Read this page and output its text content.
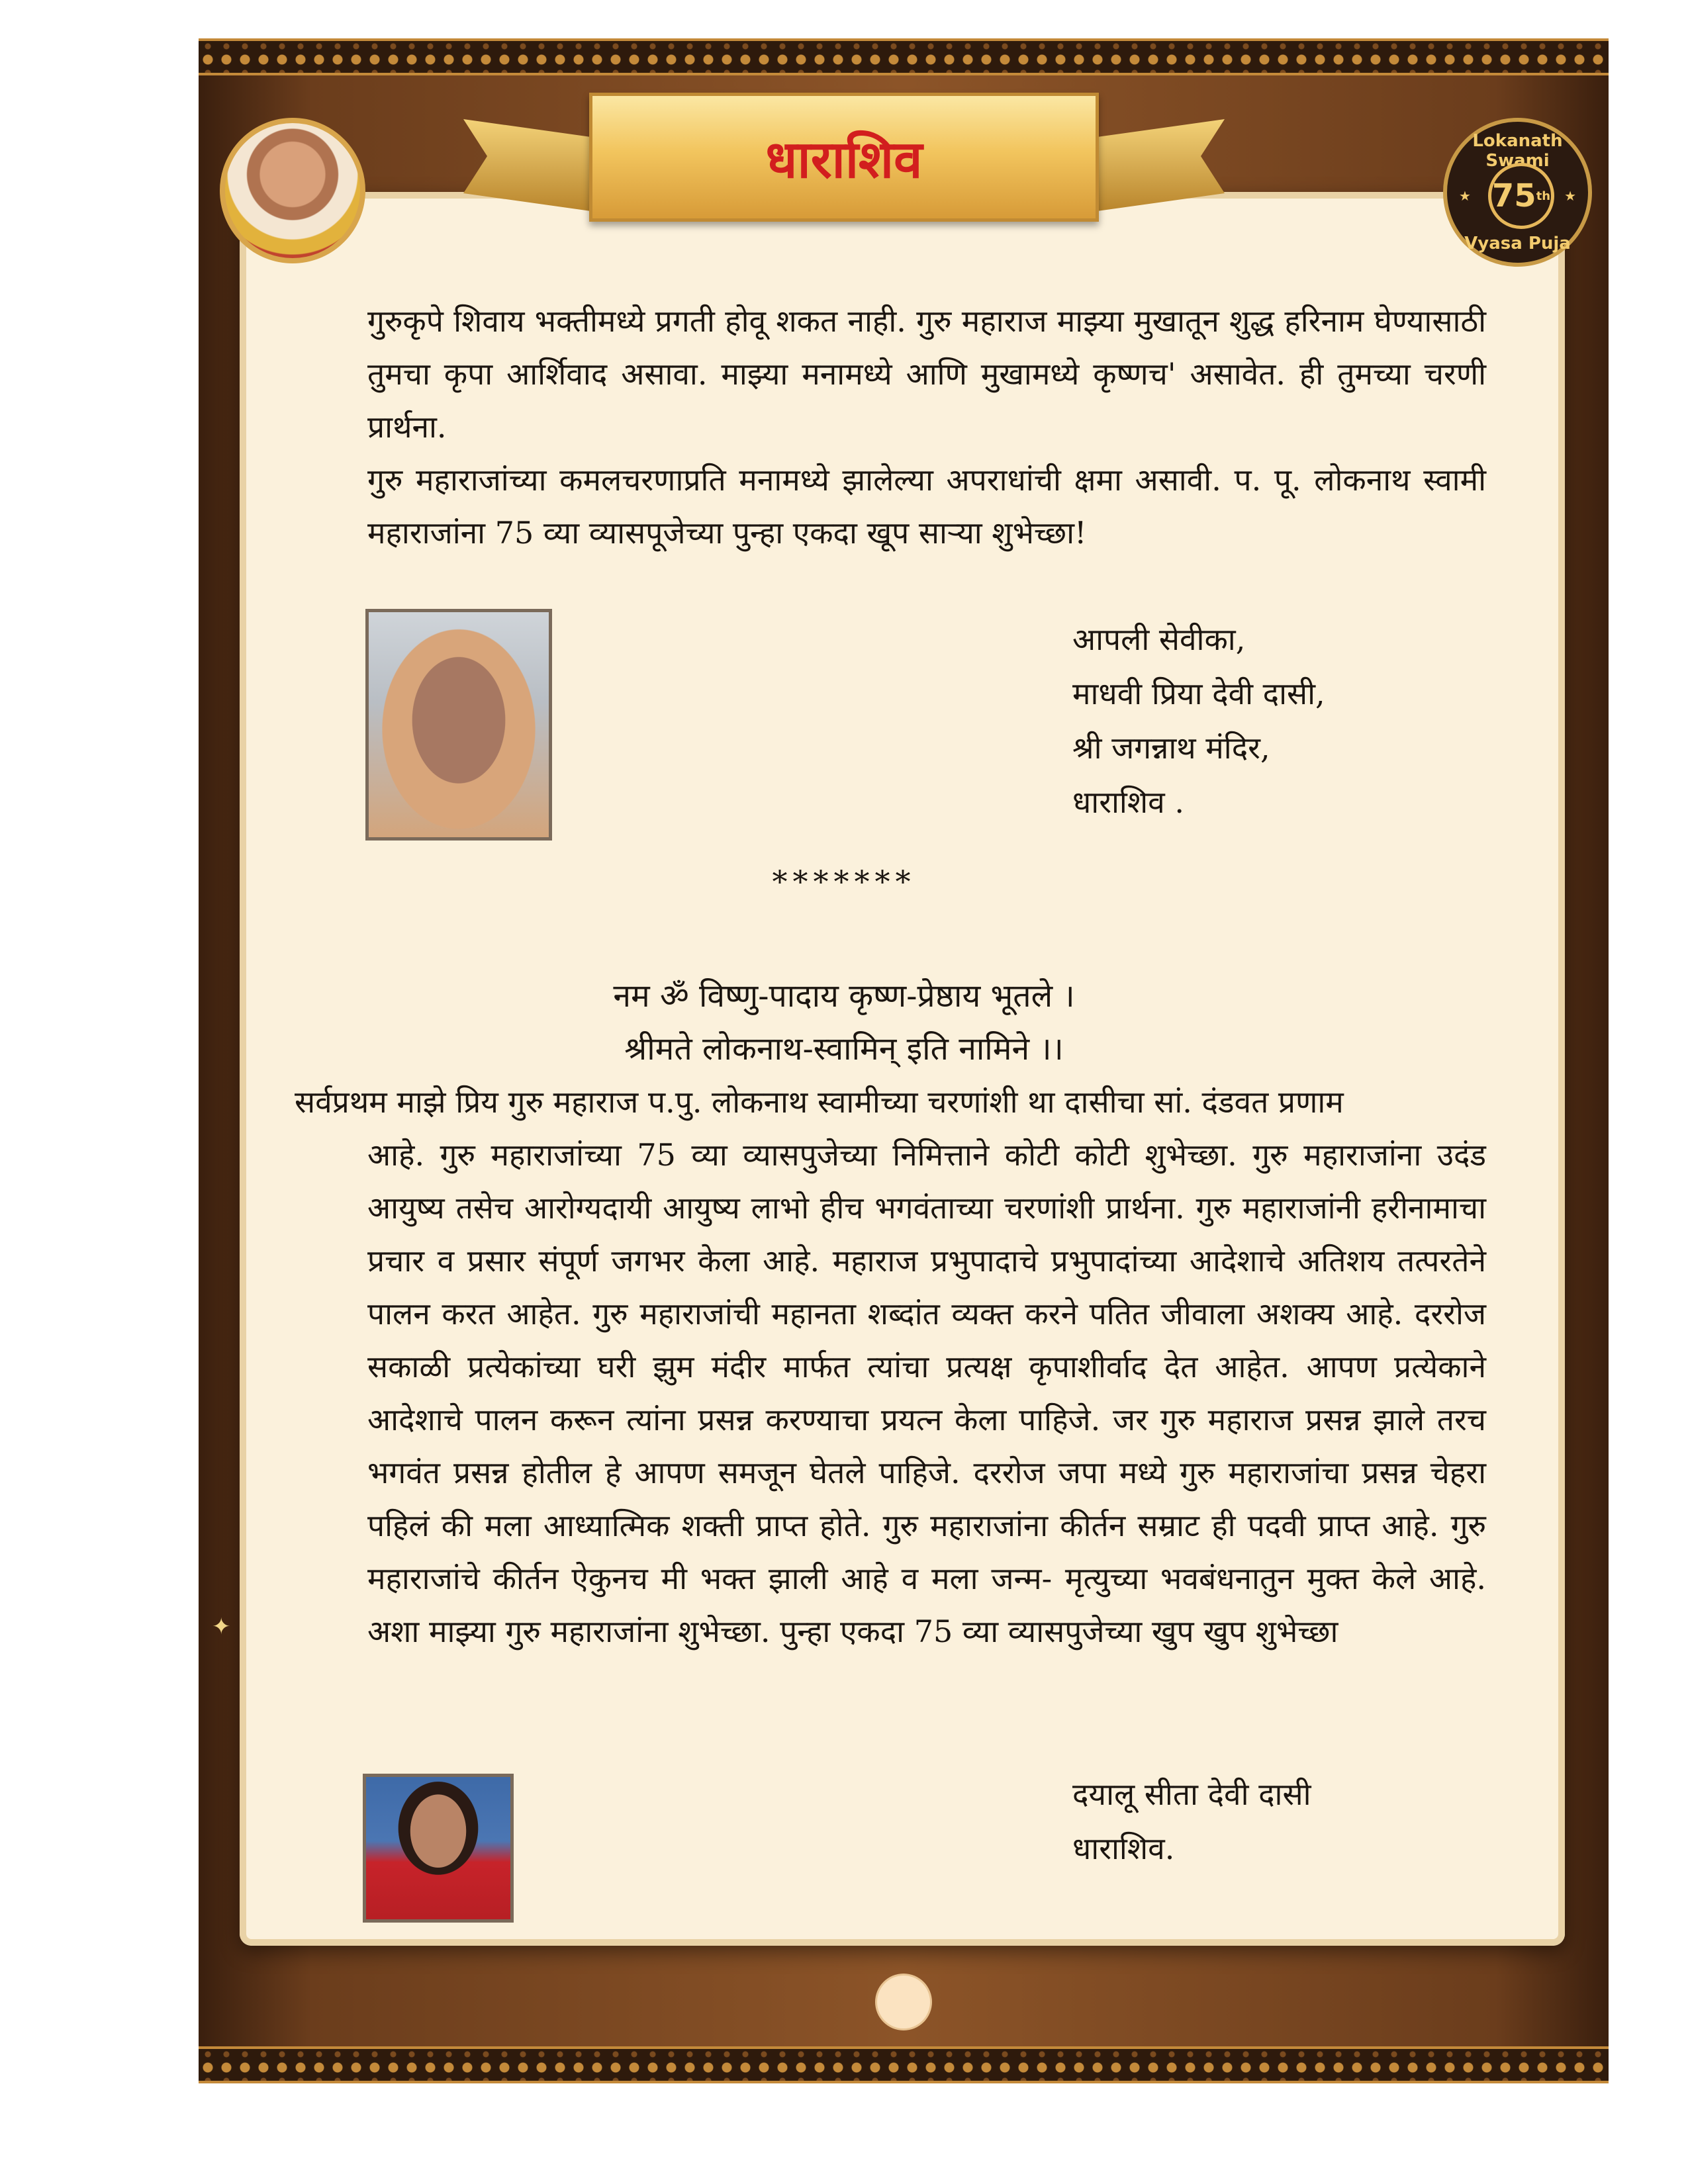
✦
धाराशिव	Lokanath Swami
★	★
75 th
Vyasa Puja

गुरुकृपे शिवाय भक्तीमध्ये प्रगती होवू शकत नाही. गुरु महाराज माझ्या मुखातून शुद्ध हरिनाम घेण्यासाठी तुमचा कृपा आर्शिवाद असावा. माझ्या मनामध्ये आणि मुखामध्ये कृष्णच' असावेत. ही तुमच्या चरणी प्रार्थना.

गुरु महाराजांच्या कमलचरणाप्रति मनामध्ये झालेल्या अपराधांची क्षमा असावी. प. पू. लोकनाथ स्वामी महाराजांना 75 व्या व्यासपूजेच्या पुन्हा एकदा खूप साऱ्या शुभेच्छा!

आपली सेवीका,
माधवी प्रिया देवी दासी,
श्री जगन्नाथ मंदिर,
धाराशिव .
*******
नम ॐ विष्णु-पादाय कृष्ण-प्रेष्ठाय भूतले ।
श्रीमते लोकनाथ-स्वामिन् इति नामिने ।।

सर्वप्रथम माझे प्रिय गुरु महाराज प.पु. लोकनाथ स्वामीच्या चरणांशी था दासीचा सां. दंडवत प्रणाम

आहे. गुरु महाराजांच्या 75 व्या व्यासपुजेच्या निमित्ताने कोटी कोटी शुभेच्छा. गुरु महाराजांना उदंड आयुष्य तसेच आरोग्यदायी आयुष्य लाभो हीच भगवंताच्या चरणांशी प्रार्थना. गुरु महाराजांनी हरीनामाचा प्रचार व प्रसार संपूर्ण जगभर केला आहे. महाराज प्रभुपादाचे प्रभुपादांच्या आदेशाचे अतिशय तत्परतेने पालन करत आहेत. गुरु महाराजांची महानता शब्दांत व्यक्त करने पतित जीवाला अशक्य आहे. दररोज सकाळी प्रत्येकांच्या घरी झुम मंदीर मार्फत त्यांचा प्रत्यक्ष कृपाशीर्वाद देत आहेत. आपण प्रत्येकाने आदेशाचे पालन करून त्यांना प्रसन्न करण्याचा प्रयत्न केला पाहिजे. जर गुरु महाराज प्रसन्न झाले तरच भगवंत प्रसन्न होतील हे आपण समजून घेतले पाहिजे. दररोज जपा मध्ये गुरु महाराजांचा प्रसन्न चेहरा पहिलं की मला आध्यात्मिक शक्ती प्राप्त होते. गुरु महाराजांना कीर्तन सम्राट ही पदवी प्राप्त आहे. गुरु महाराजांचे कीर्तन ऐकुनच मी भक्त झाली आहे व मला जन्म- मृत्युच्या भवबंधनातुन मुक्त केले आहे. अशा माझ्या गुरु महाराजांना शुभेच्छा. पुन्हा एकदा 75 व्या व्यासपुजेच्या खुप खुप शुभेच्छा

दयालू सीता देवी दासी
धाराशिव.
